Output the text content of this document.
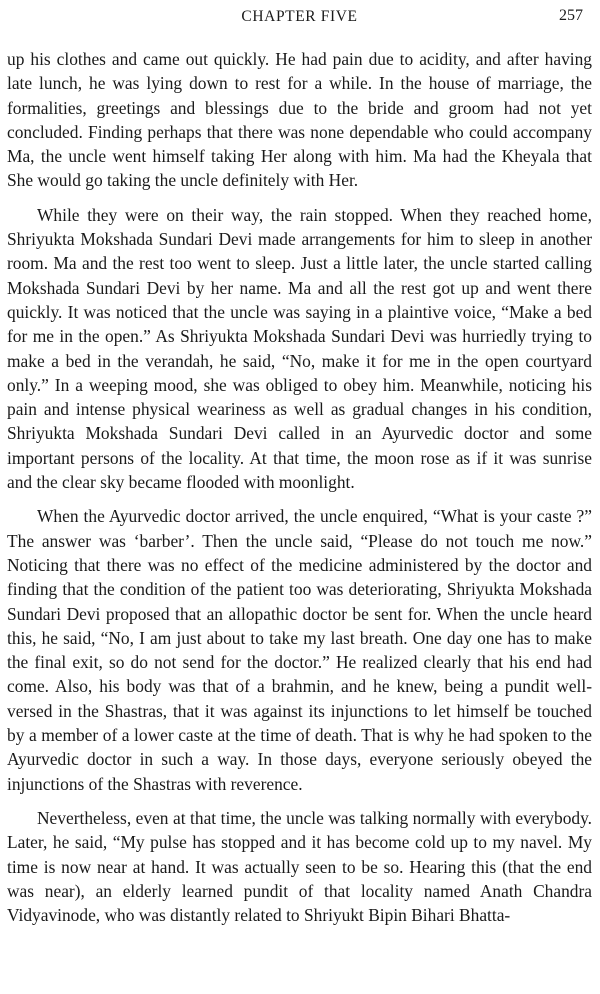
CHAPTER FIVE	257

up his clothes and came out quickly. He had pain due to acidity, and after having late lunch, he was lying down to rest for a while. In the house of marriage, the formalities, greetings and blessings due to the bride and groom had not yet concluded. Finding perhaps that there was none dependable who could accompany Ma, the uncle went himself taking Her along with him. Ma had the Kheyala that She would go taking the uncle definitely with Her.

While they were on their way, the rain stopped. When they reached home, Shriyukta Mokshada Sundari Devi made arrangements for him to sleep in another room. Ma and the rest too went to sleep. Just a little later, the uncle started calling Mokshada Sundari Devi by her name. Ma and all the rest got up and went there quickly. It was noticed that the uncle was saying in a plaintive voice, “Make a bed for me in the open.” As Shriyukta Mokshada Sundari Devi was hurriedly trying to make a bed in the verandah, he said, “No, make it for me in the open courtyard only.” In a weeping mood, she was obliged to obey him. Meanwhile, noticing his pain and intense physical weariness as well as gradual changes in his condition, Shriyukta Mokshada Sundari Devi called in an Ayurvedic doctor and some important persons of the locality. At that time, the moon rose as if it was sunrise and the clear sky became flooded with moonlight.

When the Ayurvedic doctor arrived, the uncle enquired, “What is your caste ?” The answer was ‘barber’. Then the uncle said, “Please do not touch me now.” Noticing that there was no effect of the medicine administered by the doctor and finding that the condition of the patient too was deteriorating, Shriyukta Mokshada Sundari Devi proposed that an allopathic doctor be sent for. When the uncle heard this, he said, “No, I am just about to take my last breath. One day one has to make the final exit, so do not send for the doctor.” He realized clearly that his end had come. Also, his body was that of a brahmin, and he knew, being a pundit well-versed in the Shastras, that it was against its injunctions to let himself be touched by a member of a lower caste at the time of death. That is why he had spoken to the Ayurvedic doctor in such a way. In those days, everyone seriously obeyed the injunctions of the Shastras with reverence.

Nevertheless, even at that time, the uncle was talking normally with everybody. Later, he said, “My pulse has stopped and it has become cold up to my navel. My time is now near at hand. It was actually seen to be so. Hearing this (that the end was near), an elderly learned pundit of that locality named Anath Chandra Vidyavinode, who was distantly related to Shriyukt Bipin Bihari Bhatta-
